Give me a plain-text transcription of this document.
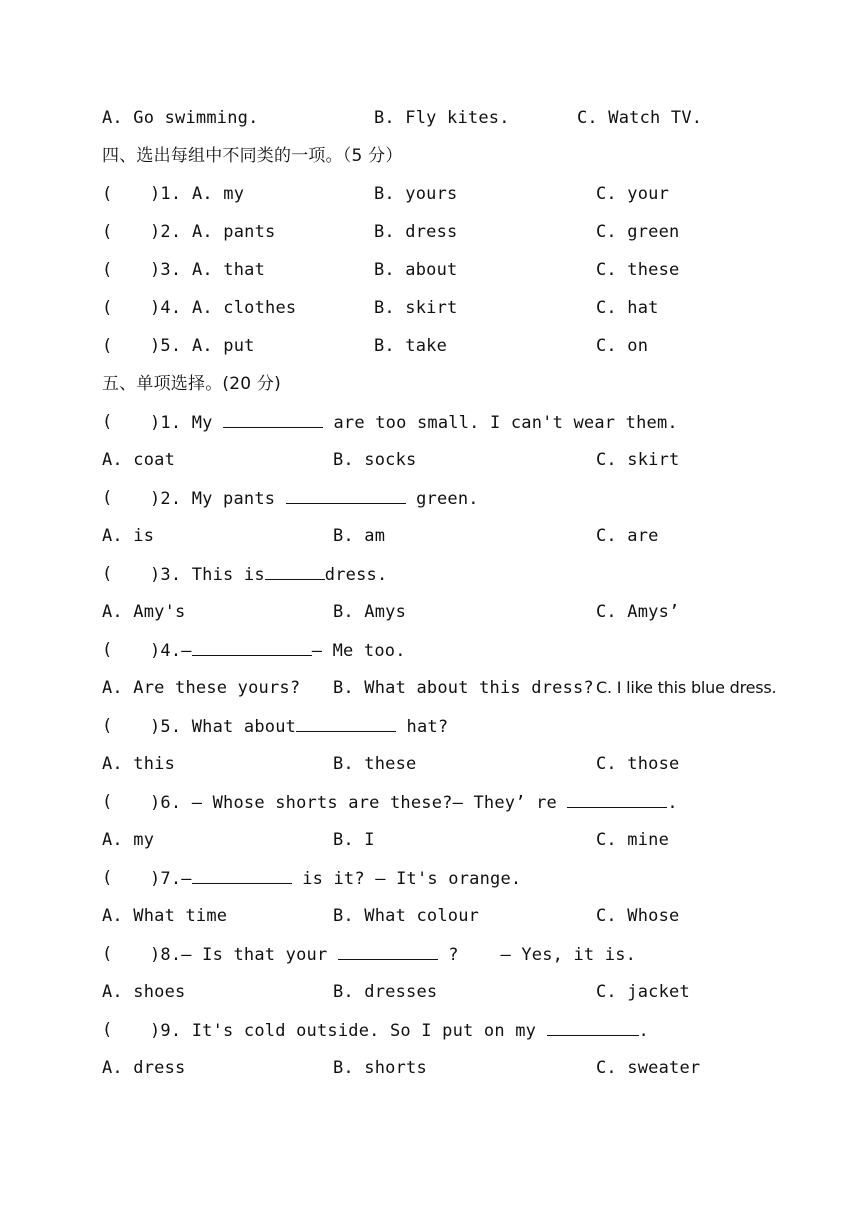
A. Go swimming.	B. Fly kites.	C. Watch TV.
四、选出每组中不同类的一项。（5 分）
( )1. A. my	B. yours	C. your
( )2. A. pants	B. dress	C. green
( )3. A. that	B. about	C. these
( )4. A. clothes	B. skirt	C. hat
( )5. A. put	B. take	C. on
五、单项选择。(20 分)
( )1. My	are too small. I can't wear them.
A. coat	B. socks	C. skirt
( )2. My pants	green.
A. is	B. am	C. are
( )3. This is	dress.
A. Amy's	B. Amys	C. Amys’
( )4.—	— Me too.
A. Are these yours? B. What about this dress? C. I like this blue dress.
( )5. What about	hat?
A. this	B. these	C. those
( )6. — Whose shorts are these?— They’ re	.
A. my	B. I	C. mine
( )7.—	is it? — It's orange.
A. What time	B. What colour	C. Whose
( )8.— Is that your	?    — Yes, it is.
A. shoes	B. dresses	C. jacket
( )9. It's cold outside. So I put on my	.
A. dress	B. shorts	C. sweater
